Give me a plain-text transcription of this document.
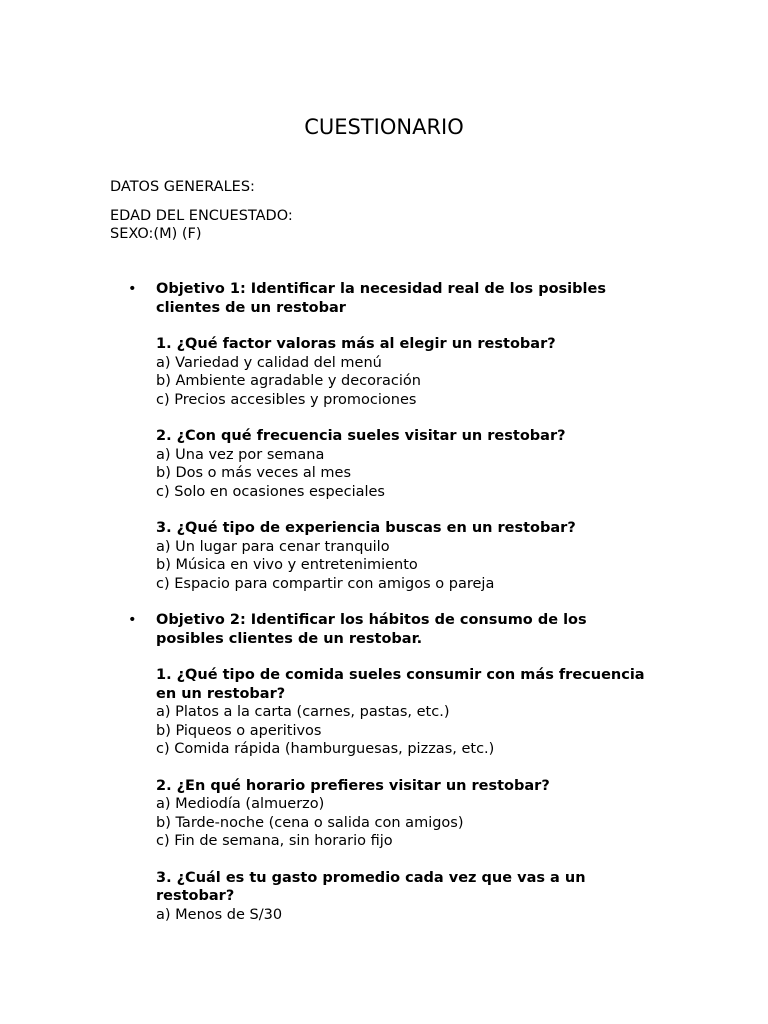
CUESTIONARIO
DATOS GENERALES:
EDAD DEL ENCUESTADO:
SEXO:(M) (F)
• Objetivo 1: Identificar la necesidad real de los posibles clientes de un restobar
1. ¿Qué factor valoras más al elegir un restobar?
a) Variedad y calidad del menú
b) Ambiente agradable y decoración
c) Precios accesibles y promociones
2. ¿Con qué frecuencia sueles visitar un restobar?
a) Una vez por semana
b) Dos o más veces al mes
c) Solo en ocasiones especiales
3. ¿Qué tipo de experiencia buscas en un restobar?
a) Un lugar para cenar tranquilo
b) Música en vivo y entretenimiento
c) Espacio para compartir con amigos o pareja
• Objetivo 2: Identificar los hábitos de consumo de los posibles clientes de un restobar.
1. ¿Qué tipo de comida sueles consumir con más frecuencia en un restobar?
a) Platos a la carta (carnes, pastas, etc.)
b) Piqueos o aperitivos
c) Comida rápida (hamburguesas, pizzas, etc.)
2. ¿En qué horario prefieres visitar un restobar?
a) Mediodía (almuerzo)
b) Tarde-noche (cena o salida con amigos)
c) Fin de semana, sin horario fijo
3. ¿Cuál es tu gasto promedio cada vez que vas a un restobar?
a) Menos de S/30
